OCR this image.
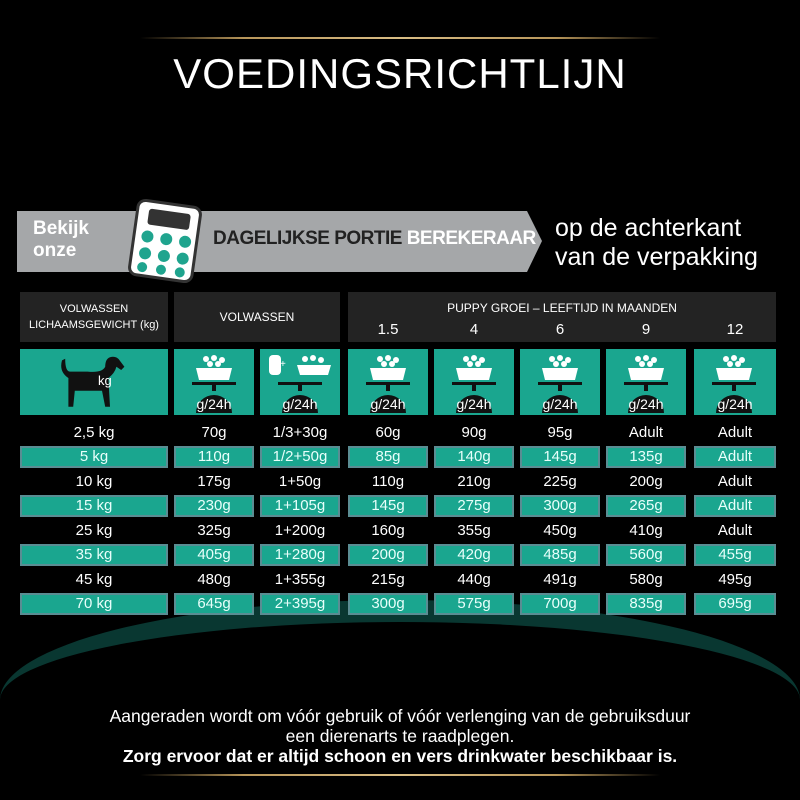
VOEDINGSRICHTLIJN
Bekijk onze
DAGELIJKSE PORTIE BEREKERAAR op de achterkant
van de verpakking
VOLWASSEN LICHAAMSGEWICHT (kg)
VOLWASSEN
PUPPY GROEI – LEEFTIJD IN MAANDEN
1.5	4	6	9	12
kg
g/24h
+
g/24h	g/24h	g/24h	g/24h	g/24h	g/24h
2,5 kg	70g	1/3+30g	60g	90g	95g	Adult	Adult
5 kg	110g	1/2+50g	85g	140g	145g	135g	Adult
10 kg	175g	1+50g	110g	210g	225g	200g	Adult
15 kg	230g	1+105g	145g	275g	300g	265g	Adult
25 kg	325g	1+200g	160g	355g	450g	410g	Adult
35 kg	405g	1+280g	200g	420g	485g	560g	455g
45 kg	480g	1+355g	215g	440g	491g	580g	495g
70 kg	645g	2+395g	300g	575g	700g	835g	695g
Aangeraden wordt om vóór gebruik of vóór verlenging van de gebruiksduur
een dierenarts te raadplegen.
Zorg ervoor dat er altijd schoon en vers drinkwater beschikbaar is.
